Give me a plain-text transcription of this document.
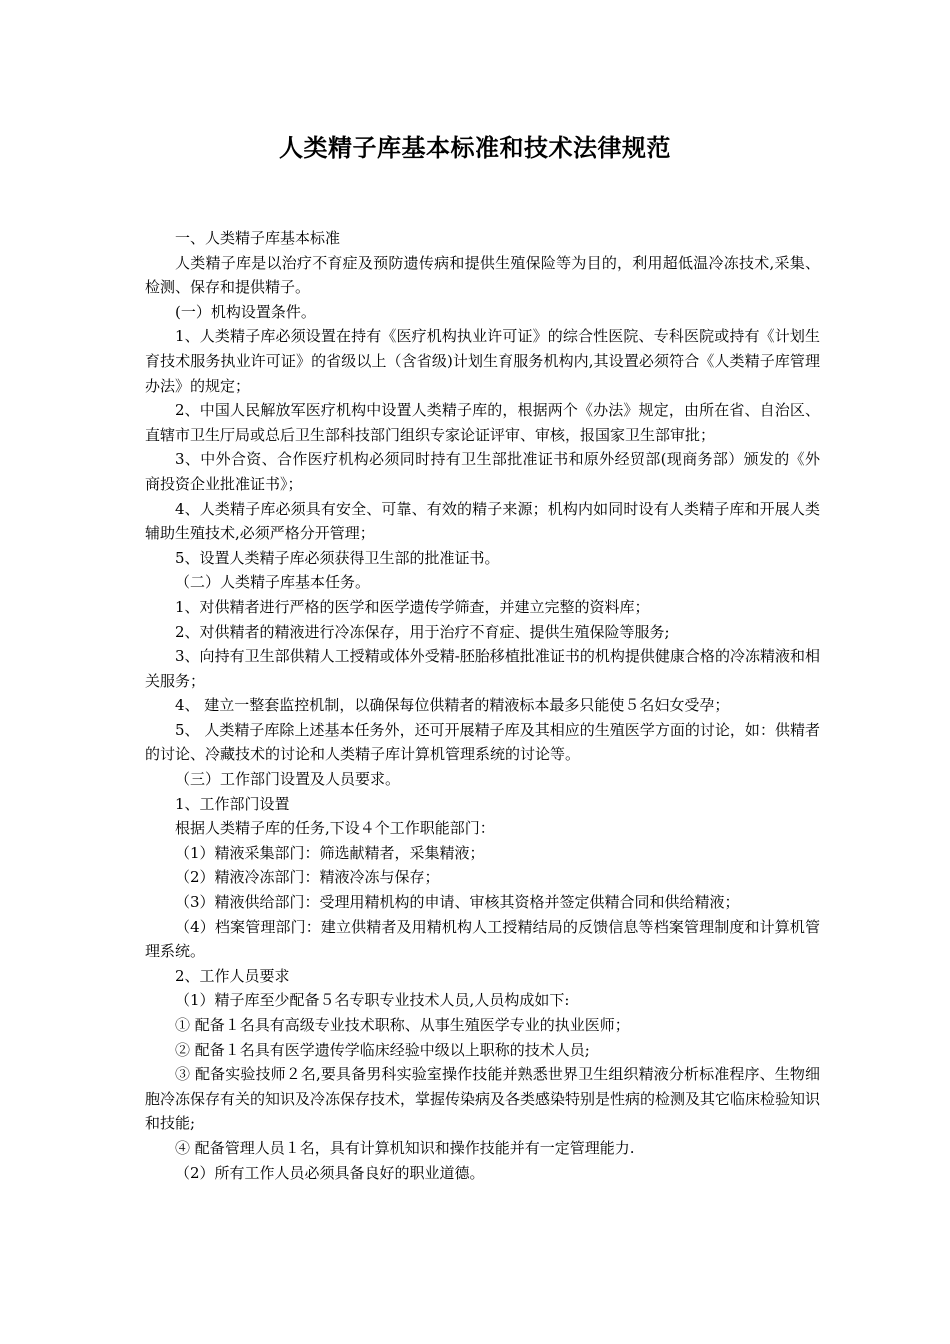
人类精子库基本标准和技术法律规范

一、人类精子库基本标准

人类精子库是以治疗不育症及预防遗传病和提供生殖保险等为目的，利用超低温冷冻技术,采集、检测、保存和提供精子。

(一）机构设置条件。

1、人类精子库必须设置在持有《医疗机构执业许可证》的综合性医院、专科医院或持有《计划生育技术服务执业许可证》的省级以上（含省级)计划生育服务机构内,其设置必须符合《人类精子库管理办法》的规定；

2、中国人民解放军医疗机构中设置人类精子库的，根据两个《办法》规定，由所在省、自治区、直辖市卫生厅局或总后卫生部科技部门组织专家论证评审、审核，报国家卫生部审批；

3、中外合资、合作医疗机构必须同时持有卫生部批准证书和原外经贸部(现商务部）颁发的《外商投资企业批准证书》；

4、人类精子库必须具有安全、可靠、有效的精子来源；机构内如同时设有人类精子库和开展人类辅助生殖技术,必须严格分开管理；

5、设置人类精子库必须获得卫生部的批准证书。

（二）人类精子库基本任务。

1、对供精者进行严格的医学和医学遗传学筛查，并建立完整的资料库；

2、对供精者的精液进行冷冻保存，用于治疗不育症、提供生殖保险等服务;

3、向持有卫生部供精人工授精或体外受精-胚胎移植批准证书的机构提供健康合格的冷冻精液和相关服务；

4、 建立一整套监控机制，以确保每位供精者的精液标本最多只能使５名妇女受孕；

5、 人类精子库除上述基本任务外，还可开展精子库及其相应的生殖医学方面的讨论，如：供精者的讨论、冷藏技术的讨论和人类精子库计算机管理系统的讨论等。

（三）工作部门设置及人员要求。

1、工作部门设置

根据人类精子库的任务,下设４个工作职能部门：

（1）精液采集部门：筛选献精者，采集精液；

（2）精液冷冻部门：精液冷冻与保存；

（3）精液供给部门：受理用精机构的申请、审核其资格并签定供精合同和供给精液；

（4）档案管理部门：建立供精者及用精机构人工授精结局的反馈信息等档案管理制度和计算机管理系统。

2、工作人员要求

（1）精子库至少配备５名专职专业技术人员,人员构成如下:

① 配备１名具有高级专业技术职称、从事生殖医学专业的执业医师；

② 配备１名具有医学遗传学临床经验中级以上职称的技术人员;

③ 配备实验技师２名,要具备男科实验室操作技能并熟悉世界卫生组织精液分析标准程序、生物细胞冷冻保存有关的知识及冷冻保存技术，掌握传染病及各类感染特别是性病的检测及其它临床检验知识和技能;

④ 配备管理人员１名，具有计算机知识和操作技能并有一定管理能力.

（2）所有工作人员必须具备良好的职业道德。
